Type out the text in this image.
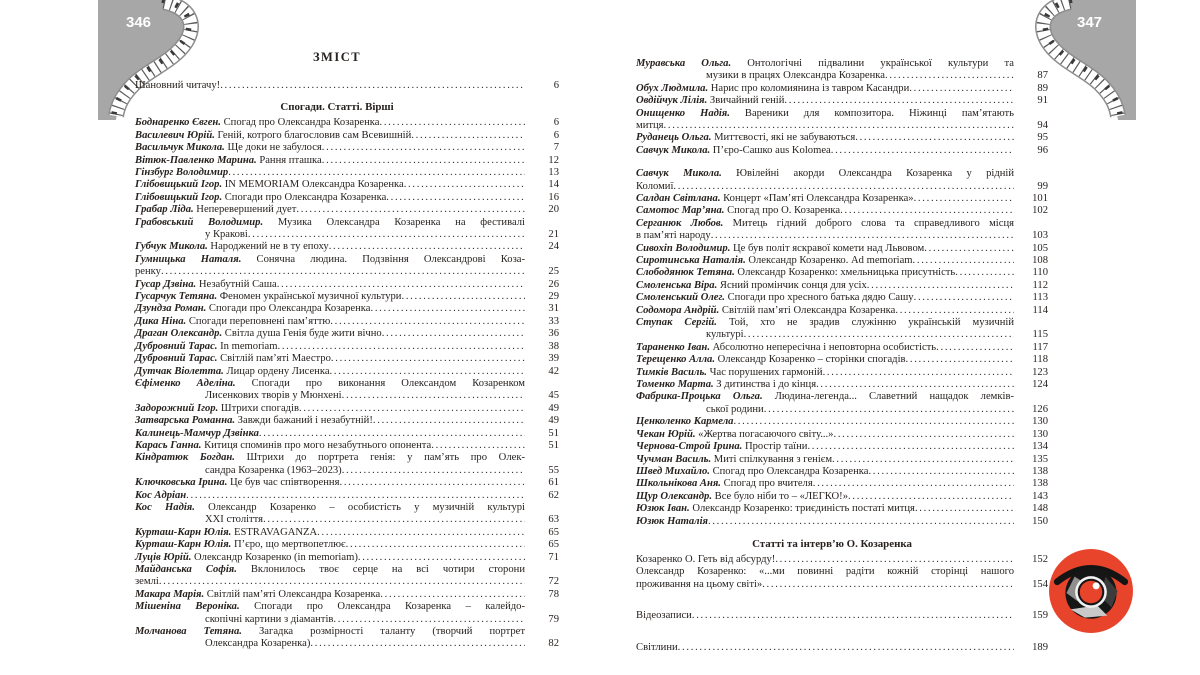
346	347
ЗМІСТ
Шановний читачу! .....	6
Спогади. Статті. Вірші
Боднаренко Євген. Спогад про Олександра Козаренка .....	6
Василевич Юрій. Геній, котрого благословив сам Всевишній .....	6
Васильчук Микола. Ще доки не забулося .....	7
Вітюк-Павленко Марина. Рання пташка .....	12
Гінзбург Володимир .....	13
Глібовицький Ігор. IN MEMORIAM Олександра Козаренка .....	14
Глібовицький Ігор. Спогади про Олександра Козаренка .....	16
Грабар Ліда. Неперевершений дует .....	20
Грабовський Володимир. Музика Олександра Козаренка на фестивалі
у Кракові .....	21
Губчук Микола. Народжений не в ту епоху .....	24
Гумницька Наталя. Сонячна людина. Подзвіння Олександрові Коза-
ренку .....	25
Гусар Дзвіна. Незабутній Саша .....	26
Гусарчук Тетяна. Феномен української музичної культури .....	29
Дзундза Роман. Спогади про Олександра Козаренка .....	31
Дика Ніна. Спогади переповнені пам’яттю .....	33
Драган Олександр. Світла душа Генія буде жити вічно .....	36
Дубровний Тарас. In memoriam .....	38
Дубровний Тарас. Світлій пам’яті Маестро .....	39
Дутчак Віолетта. Лицар ордену Лисенка .....	42
Єфіменко Аделіна. Спогади про виконання Олександом Козаренком
Лисенкових творів у Мюнхені .....	45
Задорожний Ігор. Штрихи спогадів .....	49
Затварська Романна. Завжди бажаний і незабутній! .....	49
Калинець-Мамчур Дзвінка .....	51
Карась Ганна. Китиця споминів про мого незабутнього опонента .....	51
Кіндратюк Богдан. Штрихи до портрета генія: у пам’ять про Олек-
сандра Козаренка (1963–2023) .....	55
Ключковська Ірина. Це був час співтворення .....	61
Кос Адріан .....	62
Кос Надія. Олександр Козаренко – особистість у музичній культурі
XXI століття .....	63
Курташ-Карн Юлія. ESTRAVAGANZA .....	65
Курташ-Карн Юлія. П’єро, що мертвопетлює .....	65
Луців Юрій. Олександр Козаренко (in memoriam) .....	71
Майданська Софія. Вклонилось твоє серце на всі чотири сторони
землі .....	72
Макара Марія. Світлій пам’яті Олександра Козаренка .....	78
Мішеніна Вероніка. Спогади про Олександра Козаренка – калейдо-
скопічні картини з діамантів .....	79
Молчанова Тетяна. Загадка розмірності таланту (творчий портрет
Олександра Козаренка) .....	82
Муравська Ольга. Онтологічні підвалини української культури та
музики в працях Олександра Козаренка .....	87
Обух Людмила. Нарис про коломиянина із тавром Касандри .....	89
Овдійчук Лілія. Звичайний геній .....	91
Онищенко Надія. Вареники для композитора. Ніжинці пам’ятають
митця .....	94
Руданець Ольга. Миттєвості, які не забуваються .....	95
Савчук Микола. П’єро-Сашко aus Kolomea .....	96
Савчук Микола. Ювілейні акорди Олександра Козаренка у рідній
Коломиї .....	99
Салдан Світлана. Концерт «Пам’яті Олександра Козаренка» .....	101
Самотос Мар’яна. Спогад про О. Козаренка .....	102
Серганюк Любов. Митець гідний доброго слова та справедливого місця
в пам’яті народу .....	103
Сивохіп Володимир. Це був політ яскравої комети над Львовом .....	105
Сиротинська Наталія. Олександр Козаренко. Ad memoriam .....	108
Слободянюк Тетяна. Олександр Козаренко: хмельницька присутність .....	110
Смоленська Віра. Ясний промінчик сонця для усіх .....	112
Смоленський Олег. Спогади про хресного батька дядю Сашу .....	113
Содомора Андрій. Світлій пам’яті Олександра Козаренка .....	114
Ступак Сергій. Той, хто не зрадив служінню українській музичній
культурі .....	115
Тараненко Іван. Абсолютно непересічна і неповторна особистість .....	117
Терещенко Алла. Олександр Козаренко – сторінки спогадів .....	118
Тимків Василь. Час порушених гармоній .....	123
Томенко Марта. З дитинства і до кінця .....	124
Фабрика-Процька Ольга. Людина-легенда... Славетний нащадок лемків-
ської родини .....	126
Ценколенко Кармела .....	130
Чекан Юрій. «Жертва погасаючого світу...» .....	130
Чернова-Строй Ірина. Простір таїни .....	134
Чучман Василь. Миті спілкування з генієм .....	135
Швед Михайло. Спогад про Олександра Козаренка .....	138
Школьнікова Аня. Спогад про вчителя .....	138
Щур Олександр. Все було ніби то – «ЛЕГКО!» .....	143
Юзюк Іван. Олександр Козаренко: триєдиність постаті митця .....	148
Юзюк Наталія .....	150
Статті та інтерв’ю О. Козаренка
Козаренко О. Геть від абсурду! .....	152
Олександр Козаренко: «...ми повинні радіти кожній сторінці нашого
проживання на цьому світі» .....	154
Відеозаписи .....	159
Світлини .....	189
